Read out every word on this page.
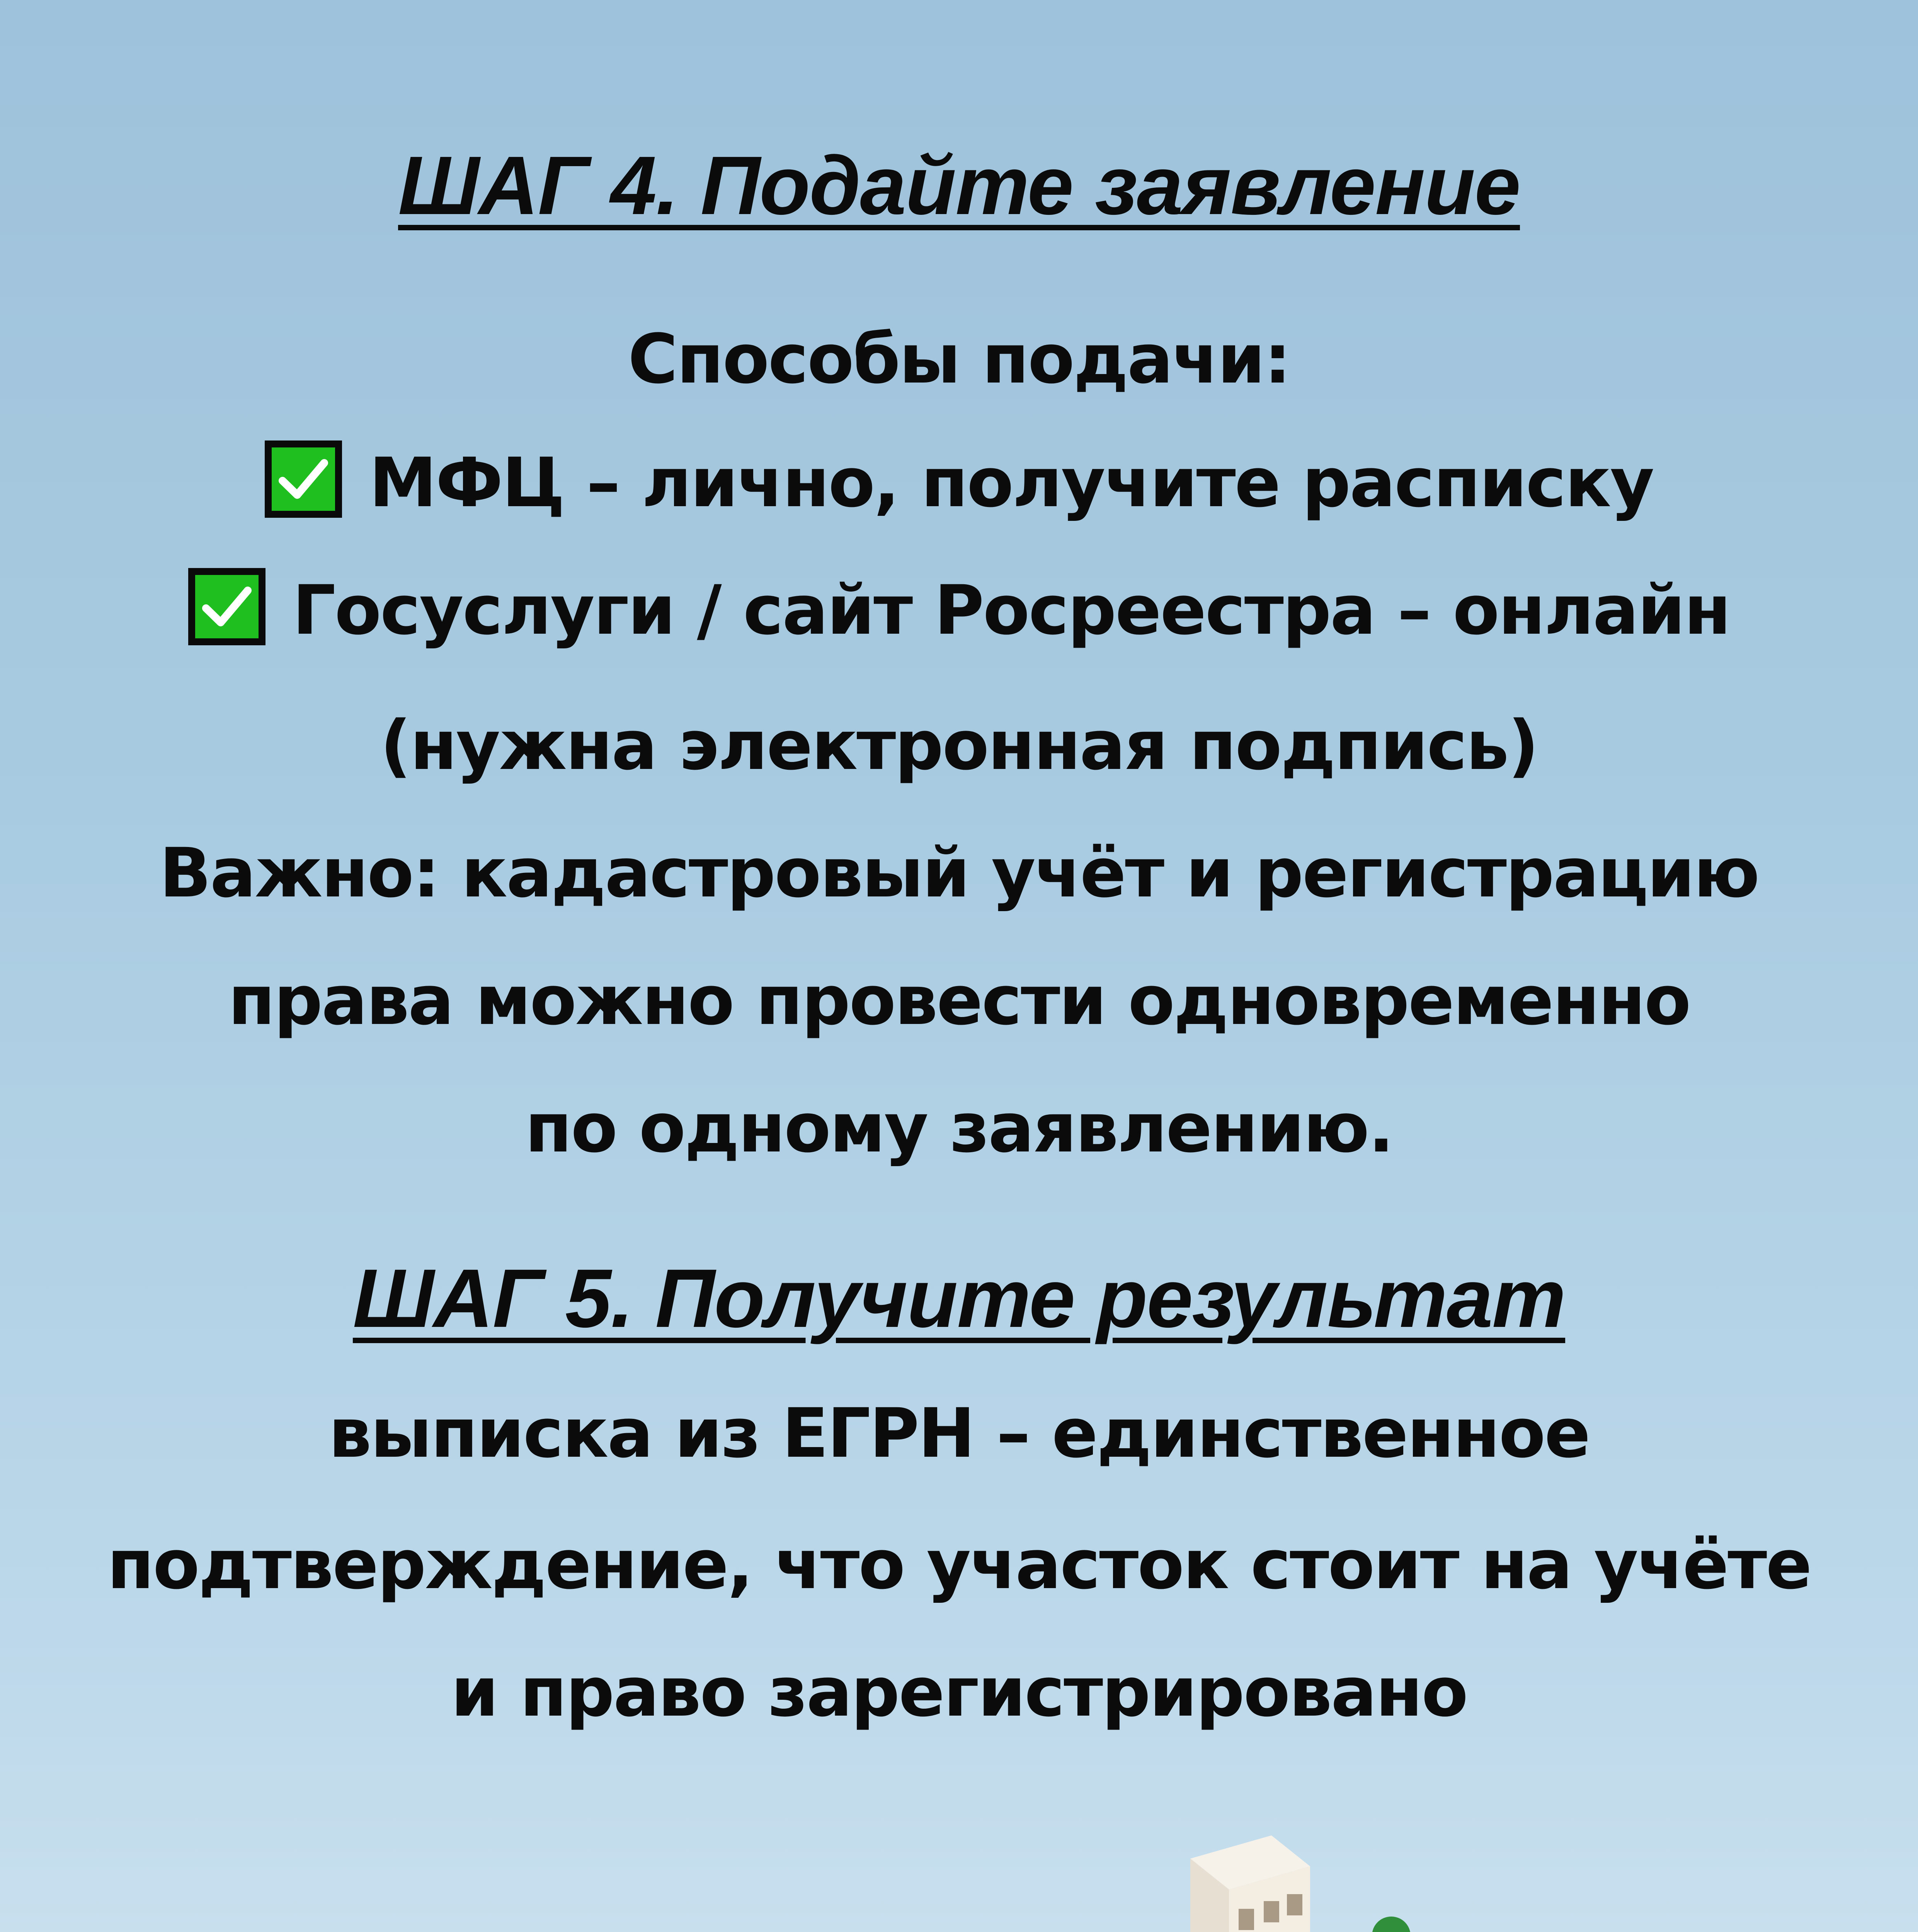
ШАГ 4. Подайте заявление
Способы подачи:
МФЦ – лично, получите расписку
Госуслуги / сайт Росреестра – онлайн
(нужна электронная подпись)
Важно: кадастровый учёт и регистрацию
права можно провести одновременно
по одному заявлению.
ШАГ 5. Получите результат
выписка из ЕГРН – единственное
подтверждение, что участок стоит на учёте
и право зарегистрировано
